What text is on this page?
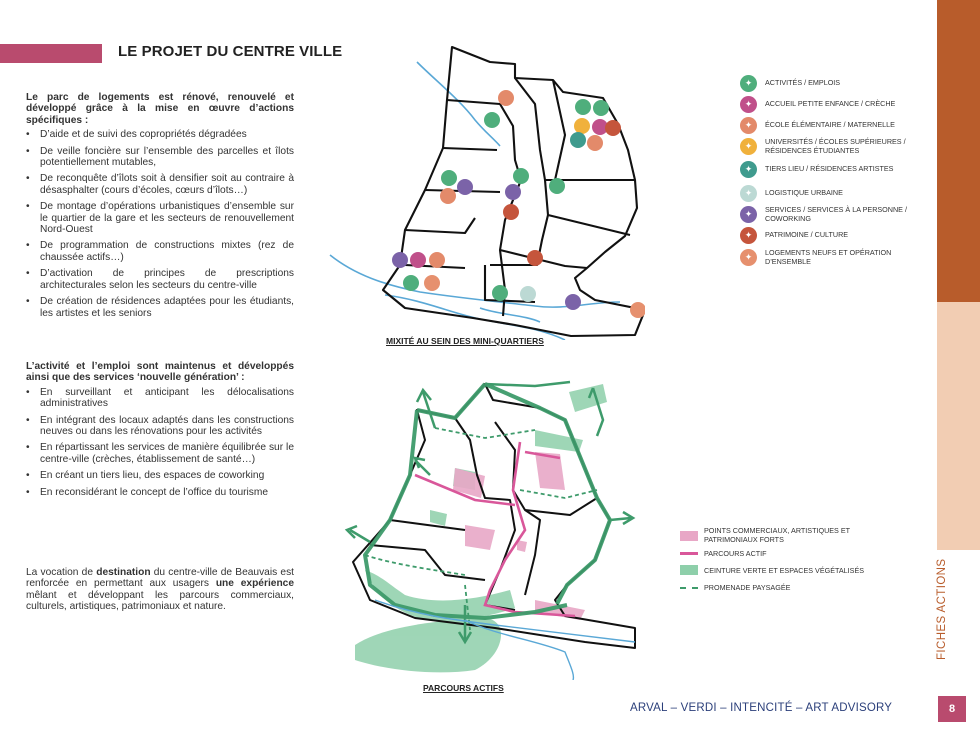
LE PROJET DU CENTRE VILLE

Le parc de logements est rénové, renouvelé et développé grâce à la mise en œuvre d’actions spécifiques :

• D’aide et de suivi des copropriétés dégradées
• De veille foncière sur l’ensemble des parcelles et îlots potentiellement mutables,
• De reconquête d’îlots soit à densifier soit au contraire à désasphalter (cours d’écoles, cœurs d’îlots…)
• De montage d’opérations urbanistiques d’ensemble sur le quartier de la gare et les secteurs de renouvellement Nord-Ouest
• De programmation de constructions mixtes (rez de chaussée actifs…)
• D’activation de principes de prescriptions architecturales selon les secteurs du centre-ville
• De création de résidences adaptées pour les étudiants, les artistes et les seniors

L’activité et l’emploi sont maintenus et développés ainsi que des services ‘nouvelle génération’ :

• En surveillant et anticipant les délocalisations administratives
• En intégrant des locaux adaptés dans les constructions neuves ou dans les rénovations pour les activités
• En répartissant les services de manière équilibrée sur le centre-ville (crèches, établissement de santé…)
• En créant un tiers lieu, des espaces de coworking
• En reconsidérant le concept de l’office du tourisme

La vocation de destination du centre-ville de Beauvais est renforcée en permettant aux usagers une expérience mêlant et développant les parcours commerciaux, culturels, artistiques, patrimoniaux et nature.

MIXITÉ AU SEIN DES MINI-QUARTIERS
✦	ACTIVITÉS / EMPLOIS
✦	ACCUEIL PETITE ENFANCE / CRÈCHE
✦	ÉCOLE ÉLÉMENTAIRE / MATERNELLE
✦	UNIVERSITÉS / ÉCOLES SUPÉRIEURES / RÉSIDENCES ÉTUDIANTES
✦	TIERS LIEU / RÉSIDENCES ARTISTES
✦	LOGISTIQUE URBAINE
✦	SERVICES / SERVICES À LA PERSONNE / COWORKING
✦	PATRIMOINE / CULTURE
✦	LOGEMENTS NEUFS ET OPÉRATION D’ENSEMBLE
PARCOURS ACTIFS
POINTS COMMERCIAUX, ARTISTIQUES ET PATRIMONIAUX FORTS
PARCOURS ACTIF
CEINTURE VERTE ET ESPACES VÉGÉTALISÉS
PROMENADE PAYSAGÉE	FICHES ACTIONS
ARVAL – VERDI – INTENCITÉ – ART ADVISORY	8
